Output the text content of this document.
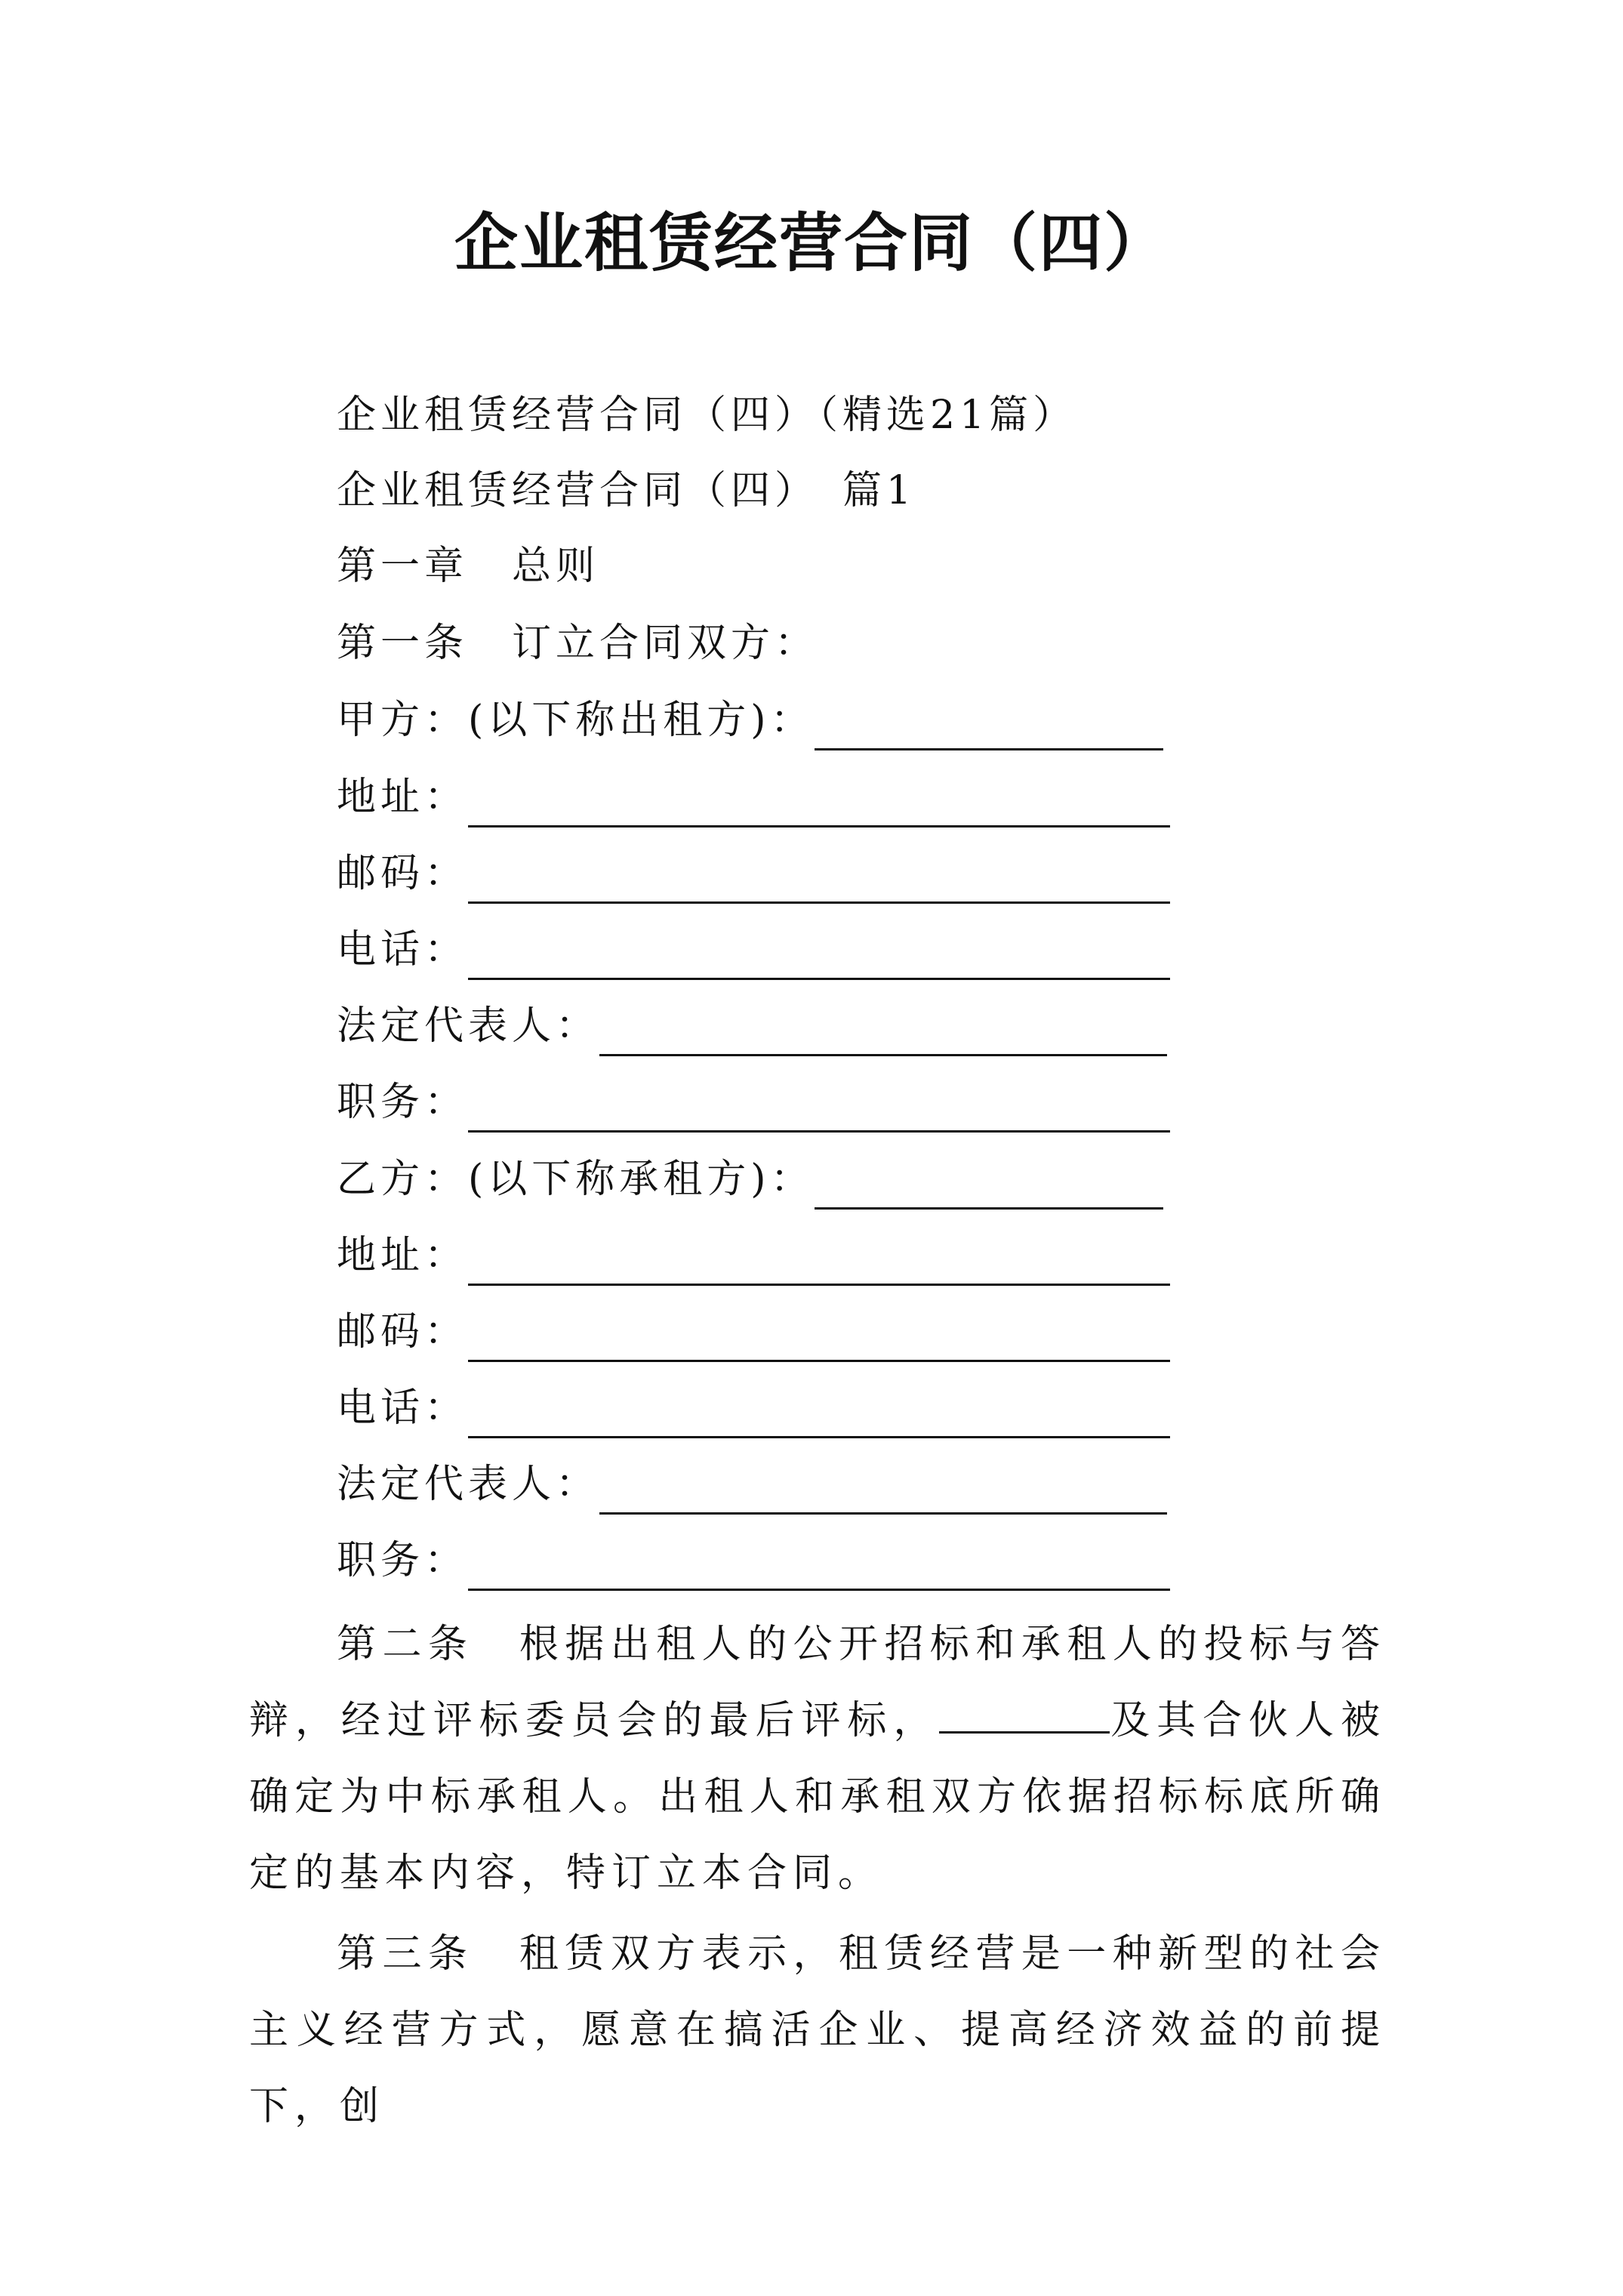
企业租赁经营合同（四）
企业租赁经营合同（四）（精选21篇）
企业租赁经营合同（四）　篇1
第一章　总则
第一条　订立合同双方：
甲方：(以下称出租方)：
地址：
邮码：
电话：
法定代表人：
职务：
乙方：(以下称承租方)：
地址：
邮码：
电话：
法定代表人：
职务：
第二条　根据出租人的公开招标和承租人的投标与答辩，经过评标委员会的最后评标，	及其合伙人被确定为中标承租人。出租人和承租双方依据招标标底所确定的基本内容，特订立本合同。
第三条　租赁双方表示，租赁经营是一种新型的社会主义经营方式，愿意在搞活企业、提高经济效益的前提下，创
